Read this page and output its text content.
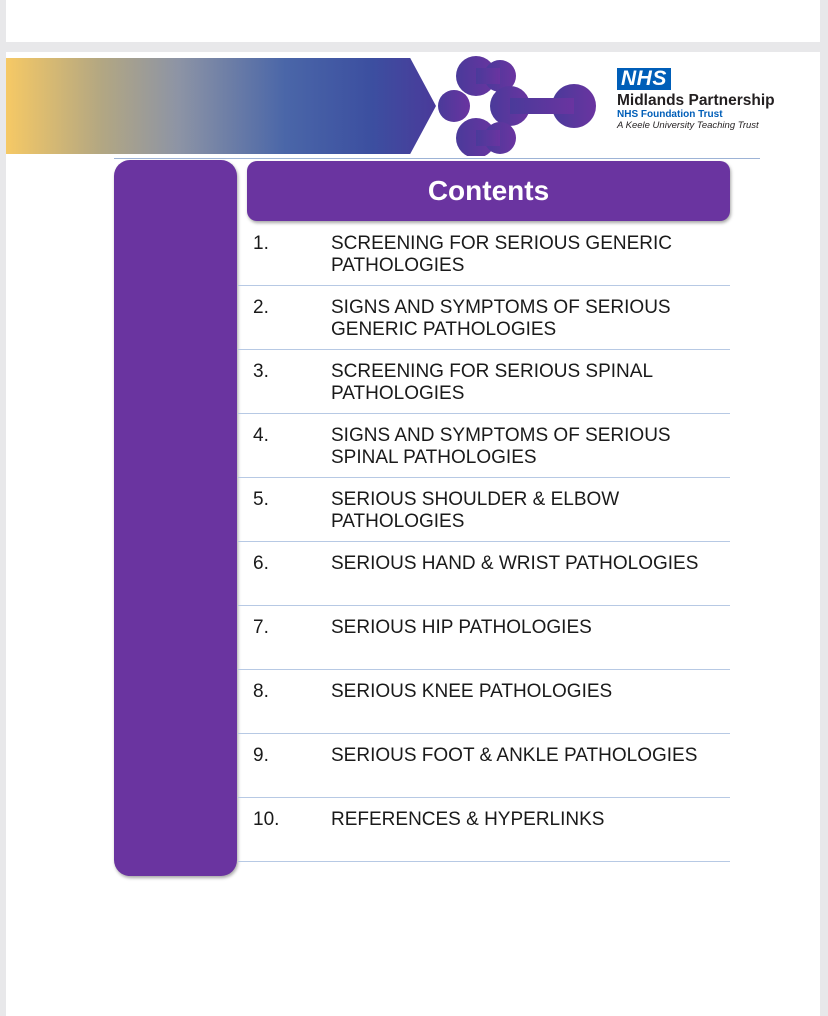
NHS
Midlands Partnership
NHS Foundation Trust
A Keele University Teaching Trust
Contents
1.	SCREENING FOR SERIOUS GENERIC PATHOLOGIES
2.	SIGNS AND SYMPTOMS OF SERIOUS GENERIC PATHOLOGIES
3.	SCREENING FOR SERIOUS SPINAL PATHOLOGIES
4.	SIGNS AND SYMPTOMS OF SERIOUS SPINAL PATHOLOGIES
5.	SERIOUS SHOULDER & ELBOW PATHOLOGIES
6.	SERIOUS HAND & WRIST PATHOLOGIES
7.	SERIOUS HIP PATHOLOGIES
8.	SERIOUS KNEE PATHOLOGIES
9.	SERIOUS FOOT & ANKLE PATHOLOGIES
10.	REFERENCES & HYPERLINKS
